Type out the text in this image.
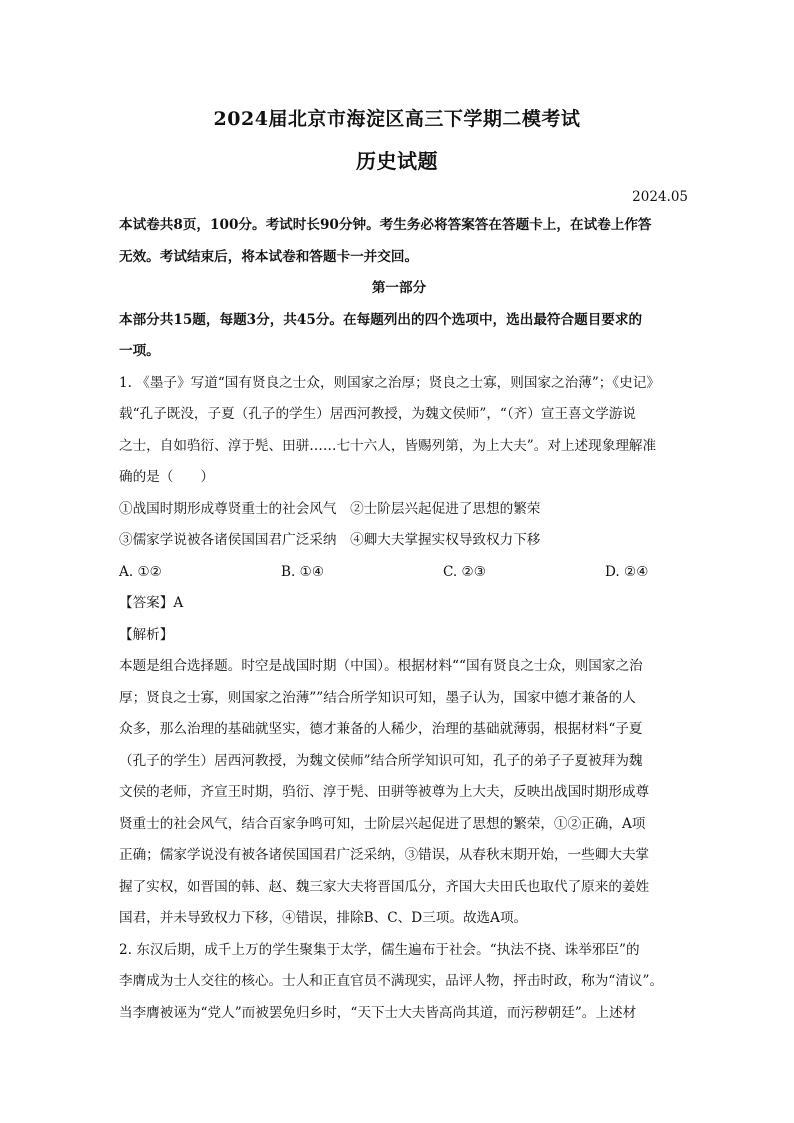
2024届北京市海淀区高三下学期二模考试
历史试题
2024.05
本试卷共8页，100分。考试时长90分钟。考生务必将答案答在答题卡上，在试卷上作答
无效。考试结束后，将本试卷和答题卡一并交回。
第一部分
本部分共15题，每题3分，共45分。在每题列出的四个选项中，选出最符合题目要求的
一项。
1. 《墨子》写道“国有贤良之士众，则国家之治厚；贤良之士寡，则国家之治薄”；《史记》
载“孔子既没，子夏（孔子的学生）居西河教授，为魏文侯师”，“（齐）宣王喜文学游说
之士，自如驺衍、淳于髡、田骈……七十六人，皆赐列第，为上大夫”。对上述现象理解准
确的是（　　）
①战国时期形成尊贤重士的社会风气　②士阶层兴起促进了思想的繁荣
③儒家学说被各诸侯国国君广泛采纳　④卿大夫掌握实权导致权力下移
A. ①②	B. ①④	C. ②③	D. ②④
【答案】A
【解析】
本题是组合选择题。时空是战国时期（中国）。根据材料““国有贤良之士众，则国家之治
厚；贤良之士寡，则国家之治薄””结合所学知识可知，墨子认为，国家中德才兼备的人
众多，那么治理的基础就坚实，德才兼备的人稀少，治理的基础就薄弱，根据材料“子夏
（孔子的学生）居西河教授，为魏文侯师”结合所学知识可知，孔子的弟子子夏被拜为魏
文侯的老师，齐宣王时期，驺衍、淳于髡、田骈等被尊为上大夫，反映出战国时期形成尊
贤重士的社会风气，结合百家争鸣可知，士阶层兴起促进了思想的繁荣，①②正确，A项
正确；儒家学说没有被各诸侯国国君广泛采纳，③错误，从春秋末期开始，一些卿大夫掌
握了实权，如晋国的韩、赵、魏三家大夫将晋国瓜分，齐国大夫田氏也取代了原来的姜姓
国君，并未导致权力下移，④错误，排除B、C、D三项。故选A项。
2. 东汉后期，成千上万的学生聚集于太学，儒生遍布于社会。“执法不挠、诛举邪臣”的
李膺成为士人交往的核心。士人和正直官员不满现实，品评人物，抨击时政，称为“清议”。
当李膺被诬为“党人”而被罢免归乡时，“天下士大夫皆高尚其道，而污秽朝廷”。上述材
